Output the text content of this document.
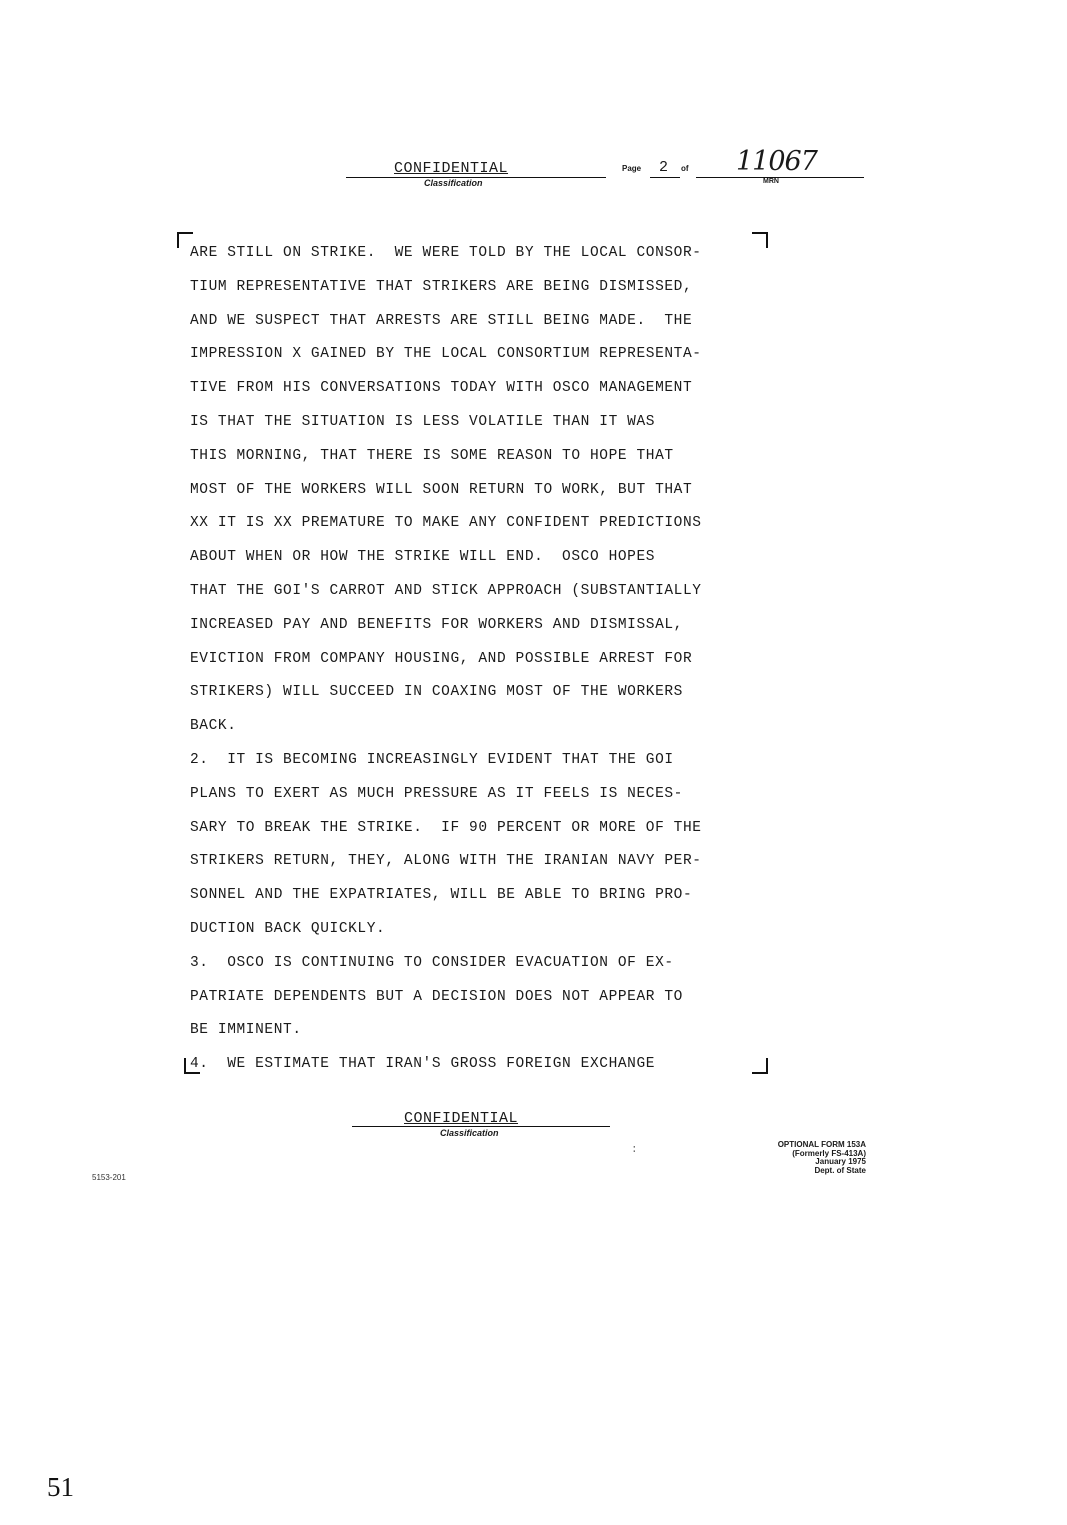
CONFIDENTIAL
Classification
Page 2 of 11067
MRN
ARE STILL ON STRIKE.  WE WERE TOLD BY THE LOCAL CONSOR-
TIUM REPRESENTATIVE THAT STRIKERS ARE BEING DISMISSED,
AND WE SUSPECT THAT ARRESTS ARE STILL BEING MADE.  THE
IMPRESSION X GAINED BY THE LOCAL CONSORTIUM REPRESENTA-
TIVE FROM HIS CONVERSATIONS TODAY WITH OSCO MANAGEMENT
IS THAT THE SITUATION IS LESS VOLATILE THAN IT WAS
THIS MORNING, THAT THERE IS SOME REASON TO HOPE THAT
MOST OF THE WORKERS WILL SOON RETURN TO WORK, BUT THAT
XX IT IS XX PREMATURE TO MAKE ANY CONFIDENT PREDICTIONS
ABOUT WHEN OR HOW THE STRIKE WILL END.  OSCO HOPES
THAT THE GOI'S CARROT AND STICK APPROACH (SUBSTANTIALLY
INCREASED PAY AND BENEFITS FOR WORKERS AND DISMISSAL,
EVICTION FROM COMPANY HOUSING, AND POSSIBLE ARREST FOR
STRIKERS) WILL SUCCEED IN COAXING MOST OF THE WORKERS
BACK.
2.  IT IS BECOMING INCREASINGLY EVIDENT THAT THE GOI
PLANS TO EXERT AS MUCH PRESSURE AS IT FEELS IS NECES-
SARY TO BREAK THE STRIKE.  IF 90 PERCENT OR MORE OF THE
STRIKERS RETURN, THEY, ALONG WITH THE IRANIAN NAVY PER-
SONNEL AND THE EXPATRIATES, WILL BE ABLE TO BRING PRO-
DUCTION BACK QUICKLY.
3.  OSCO IS CONTINUING TO CONSIDER EVACUATION OF EX-
PATRIATE DEPENDENTS BUT A DECISION DOES NOT APPEAR TO
BE IMMINENT.
4.  WE ESTIMATE THAT IRAN'S GROSS FOREIGN EXCHANGE
CONFIDENTIAL
Classification
:	OPTIONAL FORM 153A
(Formerly FS-413A)
January 1975
Dept. of State
5153-201
51
